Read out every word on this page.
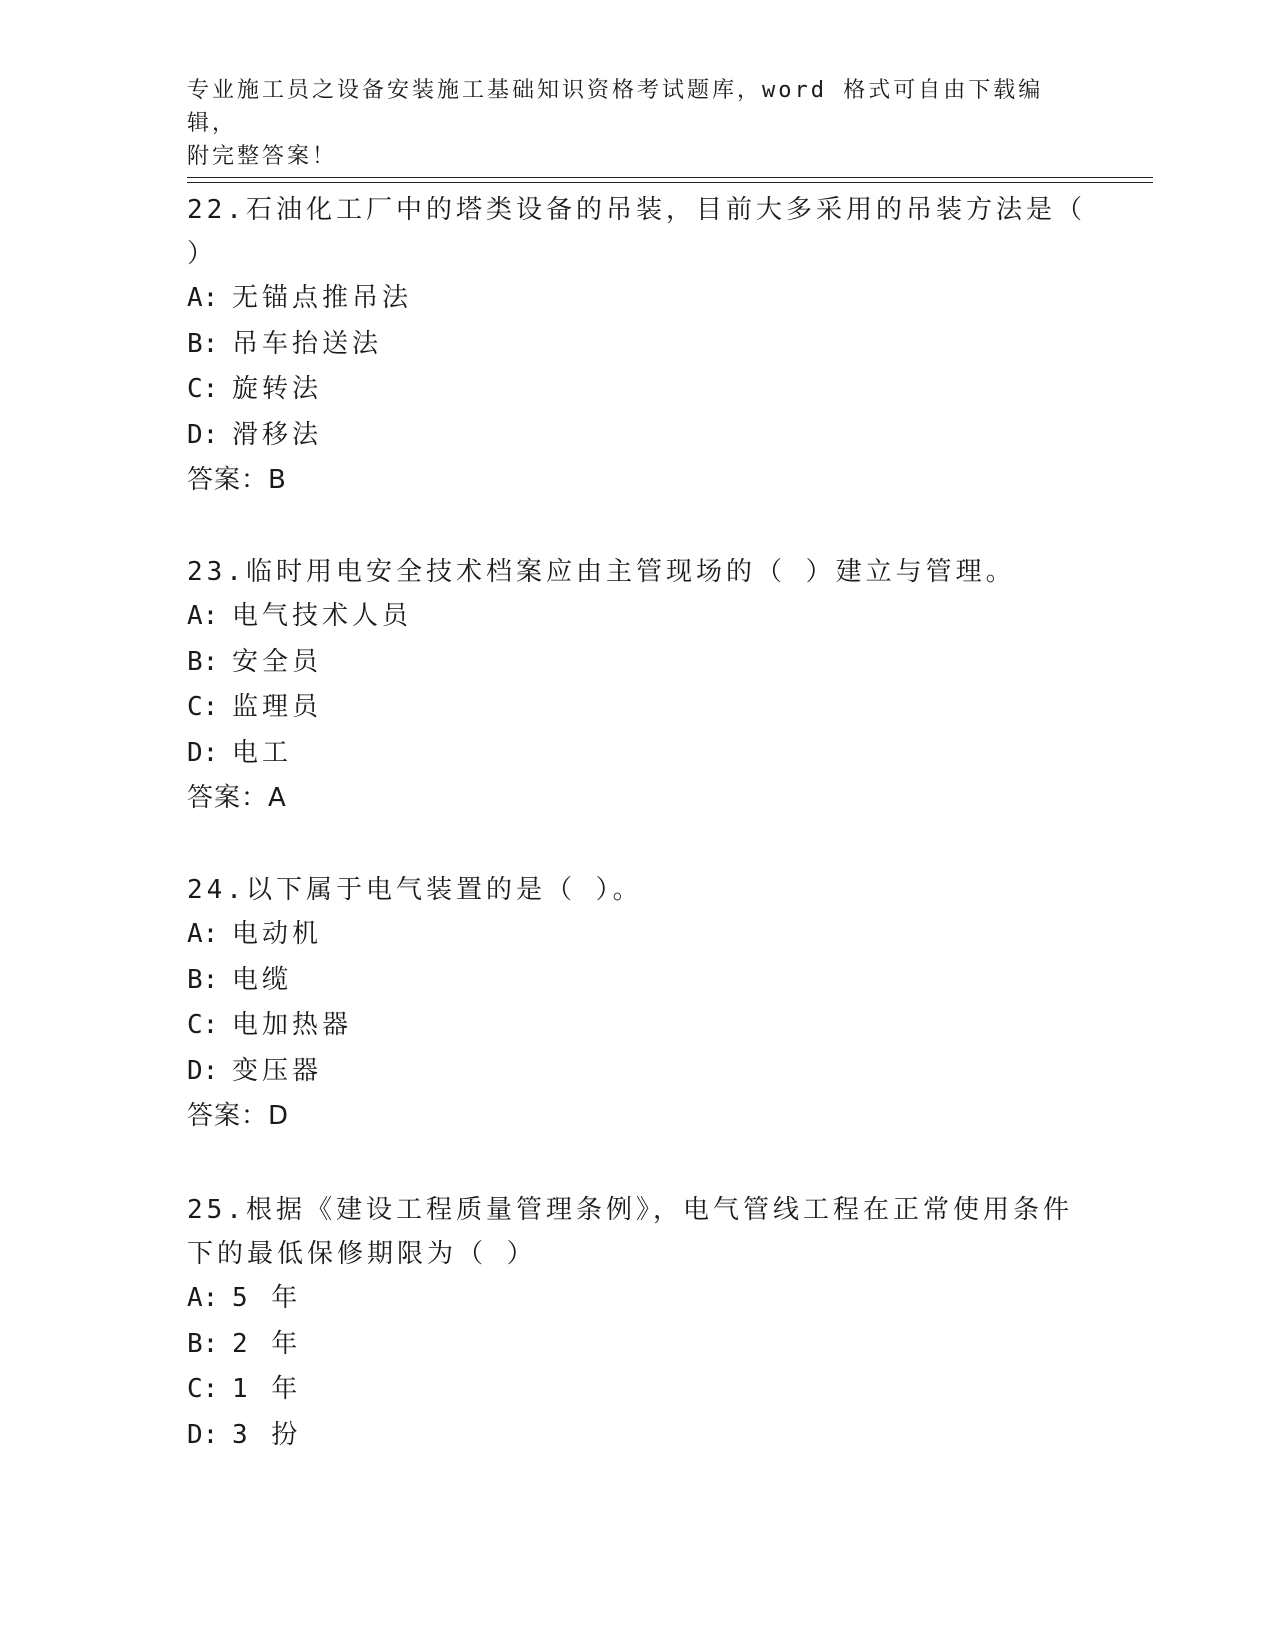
专业施工员之设备安装施工基础知识资格考试题库，word 格式可自由下载编辑，
附完整答案！
22.石油化工厂中的塔类设备的吊装，目前大多采用的吊装方法是（ ）
A: 无锚点推吊法
B: 吊车抬送法
C: 旋转法
D: 滑移法
答案：B
23.临时用电安全技术档案应由主管现场的（ ）建立与管理。
A: 电气技术人员
B: 安全员
C: 监理员
D: 电工
答案：A
24.以下属于电气装置的是（ ）。
A: 电动机
B: 电缆
C: 电加热器
D: 变压器
答案：D
25.根据《建设工程质量管理条例》，电气管线工程在正常使用条件下的最低保修期限为（ ）
A: 5 年
B: 2 年
C: 1 年
D: 3 扮
